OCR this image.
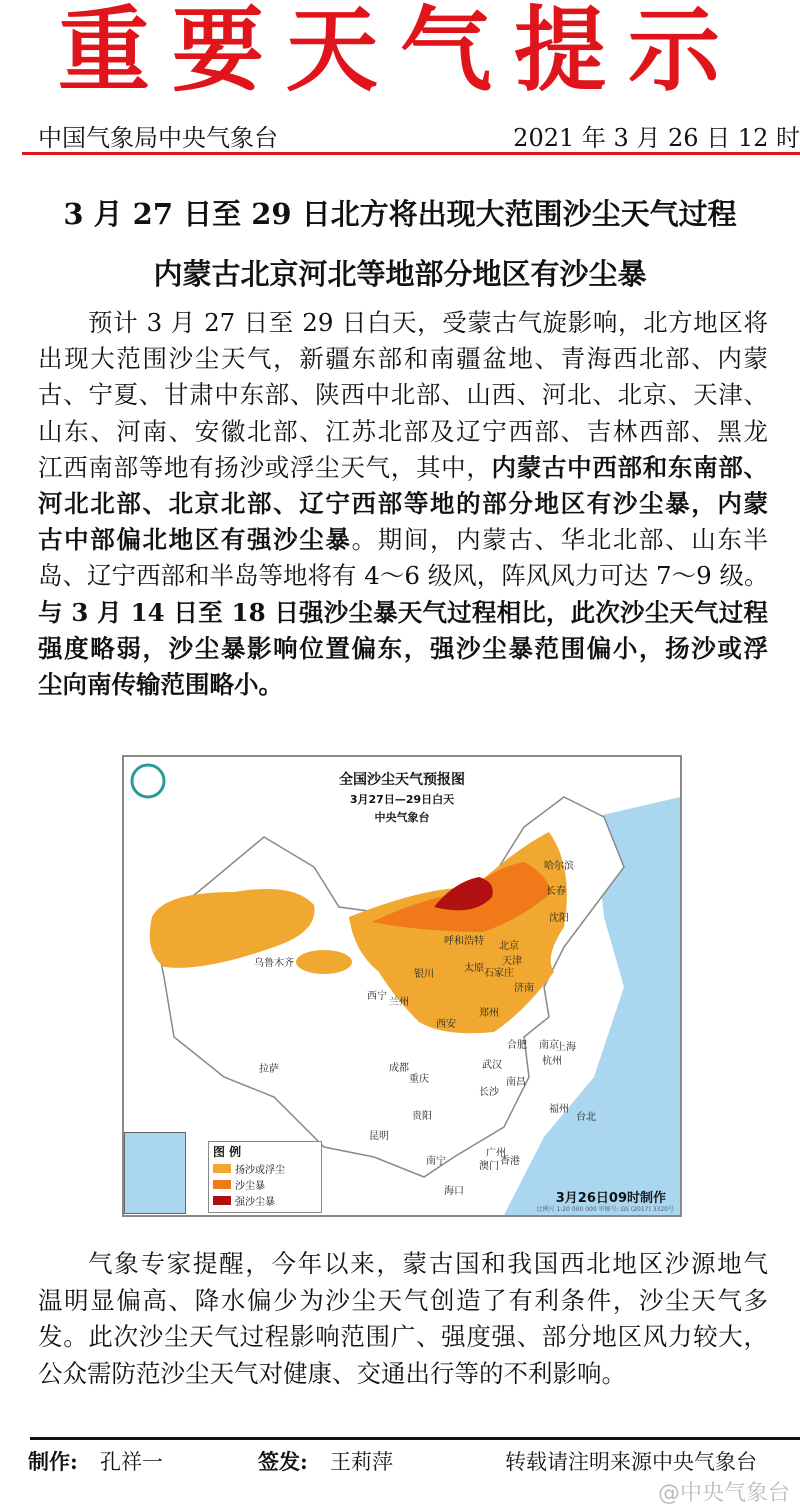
重要天气提示
中国气象局中央气象台	2021 年 3 月 26 日 12 时
3 月 27 日至 29 日北方将出现大范围沙尘天气过程
内蒙古北京河北等地部分地区有沙尘暴
预计 3 月 27 日至 29 日白天，受蒙古气旋影响，北方地区将
出现大范围沙尘天气，新疆东部和南疆盆地、青海西北部、内蒙
古、宁夏、甘肃中东部、陕西中北部、山西、河北、北京、天津、
山东、河南、安徽北部、江苏北部及辽宁西部、吉林西部、黑龙
江西南部等地有扬沙或浮尘天气，其中，内蒙古中西部和东南部、
河北北部、北京北部、辽宁西部等地的部分地区有沙尘暴，内蒙
古中部偏北地区有强沙尘暴。期间，内蒙古、华北北部、山东半
岛、辽宁西部和半岛等地将有 4～6 级风，阵风风力可达 7～9 级。
与 3 月 14 日至 18 日强沙尘暴天气过程相比，此次沙尘天气过程
强度略弱，沙尘暴影响位置偏东，强沙尘暴范围偏小，扬沙或浮
尘向南传输范围略小。
全国沙尘天气预报图
3月27日—29日白天
中央气象台
乌鲁木齐
哈尔滨
长春
沈阳
呼和浩特 北京
天津
太原 石家庄
银川
济南
西宁
兰州
郑州
西安
合肥 南京
上海
杭州
拉萨	成都	武汉
重庆	南昌
长沙
福州
台北
贵阳
昆明
广州
南宁	香港
澳门
海口
图 例
扬沙或浮尘
沙尘暴
强沙尘暴	3月26日09时制作
比例尺 1:20 000 000 审图号: GS (2017) 3320号
气象专家提醒，今年以来，蒙古国和我国西北地区沙源地气
温明显偏高、降水偏少为沙尘天气创造了有利条件，沙尘天气多
发。此次沙尘天气过程影响范围广、强度强、部分地区风力较大，
公众需防范沙尘天气对健康、交通出行等的不利影响。
制作: 孔祥一	签发: 王莉萍	转载请注明来源中央气象台
@中央气象台
